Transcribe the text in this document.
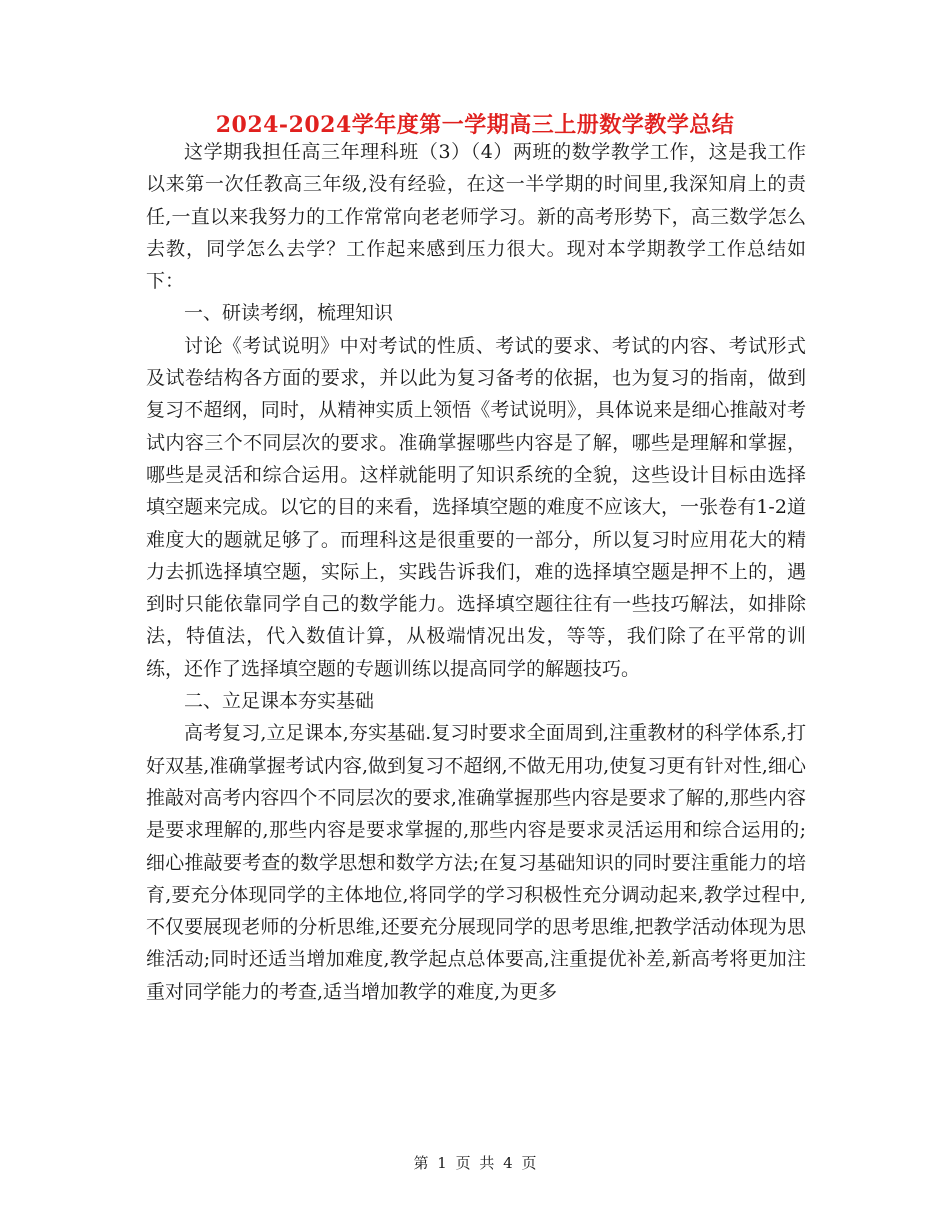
2024-2024学年度第一学期高三上册数学教学总结

这学期我担任高三年理科班（3）（4）两班的数学教学工作，这是我工作以来第一次任教高三年级,没有经验，在这一半学期的时间里,我深知肩上的责任,一直以来我努力的工作常常向老老师学习。新的高考形势下，高三数学怎么去教，同学怎么去学？工作起来感到压力很大。现对本学期教学工作总结如下：

一、研读考纲，梳理知识

讨论《考试说明》中对考试的性质、考试的要求、考试的内容、考试形式及试卷结构各方面的要求，并以此为复习备考的依据，也为复习的指南，做到复习不超纲，同时，从精神实质上领悟《考试说明》，具体说来是细心推敲对考试内容三个不同层次的要求。准确掌握哪些内容是了解，哪些是理解和掌握，哪些是灵活和综合运用。这样就能明了知识系统的全貌，这些设计目标由选择填空题来完成。以它的目的来看，选择填空题的难度不应该大，一张卷有1-2道难度大的题就足够了。而理科这是很重要的一部分，所以复习时应用花大的精力去抓选择填空题，实际上，实践告诉我们，难的选择填空题是押不上的，遇到时只能依靠同学自己的数学能力。选择填空题往往有一些技巧解法，如排除法，特值法，代入数值计算，从极端情况出发，等等，我们除了在平常的训练，还作了选择填空题的专题训练以提高同学的解题技巧。

二、立足课本夯实基础

高考复习,立足课本,夯实基础.复习时要求全面周到,注重教材的科学体系,打好双基,准确掌握考试内容,做到复习不超纲,不做无用功,使复习更有针对性,细心推敲对高考内容四个不同层次的要求,准确掌握那些内容是要求了解的,那些内容是要求理解的,那些内容是要求掌握的,那些内容是要求灵活运用和综合运用的;细心推敲要考查的数学思想和数学方法;在复习基础知识的同时要注重能力的培育,要充分体现同学的主体地位,将同学的学习积极性充分调动起来,教学过程中,不仅要展现老师的分析思维,还要充分展现同学的思考思维,把教学活动体现为思维活动;同时还适当增加难度,教学起点总体要高,注重提优补差,新高考将更加注重对同学能力的考查,适当增加教学的难度,为更多

第 1 页 共 4 页
